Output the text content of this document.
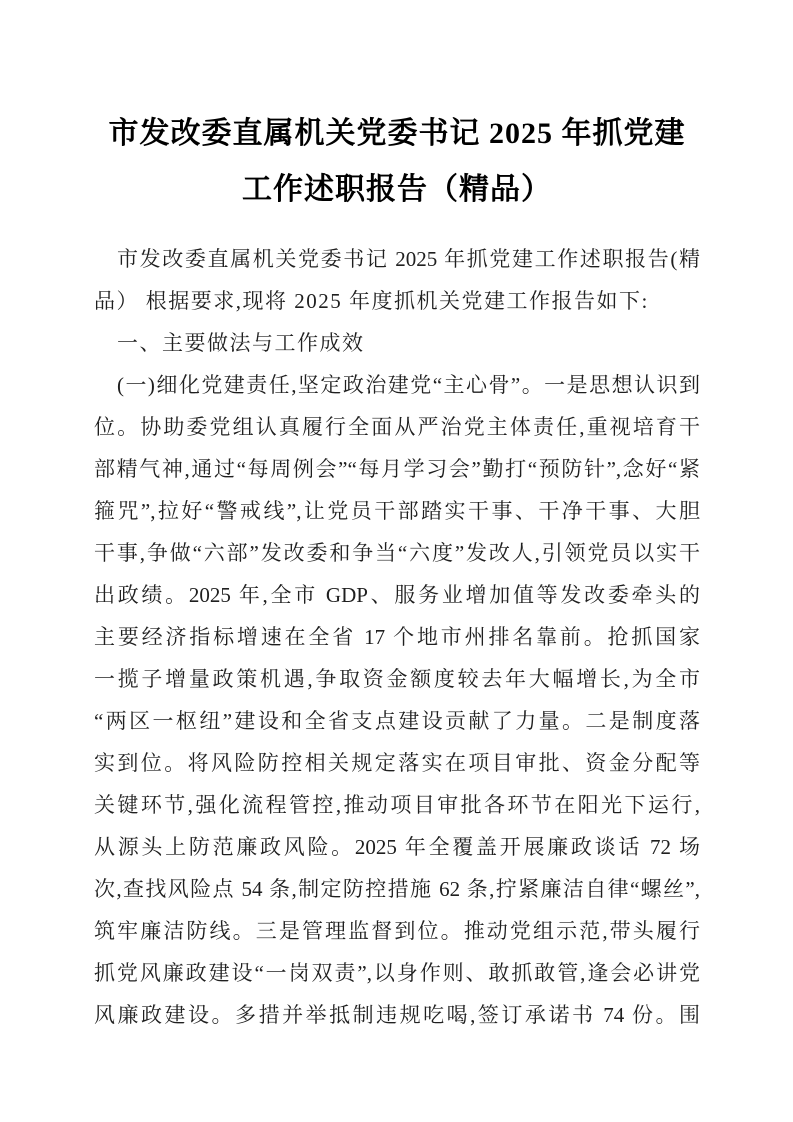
市发改委直属机关党委书记 2025 年抓党建
工作述职报告（精品）
市发改委直属机关党委书记 2025 年抓党建工作述职报告(精
品） 根据要求,现将 2025 年度抓机关党建工作报告如下:
一、主要做法与工作成效
(一)细化党建责任,坚定政治建党“主心骨”。一是思想认识到
位。协助委党组认真履行全面从严治党主体责任,重视培育干
部精气神,通过“每周例会”“每月学习会”勤打“预防针”,念好“紧
箍咒”,拉好“警戒线”,让党员干部踏实干事、干净干事、大胆
干事,争做“六部”发改委和争当“六度”发改人,引领党员以实干
出政绩。2025 年,全市 GDP、服务业增加值等发改委牵头的
主要经济指标增速在全省 17 个地市州排名靠前。抢抓国家
一揽子增量政策机遇,争取资金额度较去年大幅增长,为全市
“两区一枢纽”建设和全省支点建设贡献了力量。二是制度落
实到位。将风险防控相关规定落实在项目审批、资金分配等
关键环节,强化流程管控,推动项目审批各环节在阳光下运行,
从源头上防范廉政风险。2025 年全覆盖开展廉政谈话 72 场
次,查找风险点 54 条,制定防控措施 62 条,拧紧廉洁自律“螺丝”,
筑牢廉洁防线。三是管理监督到位。推动党组示范,带头履行
抓党风廉政建设“一岗双责”,以身作则、敢抓敢管,逢会必讲党
风廉政建设。多措并举抵制违规吃喝,签订承诺书 74 份。围
